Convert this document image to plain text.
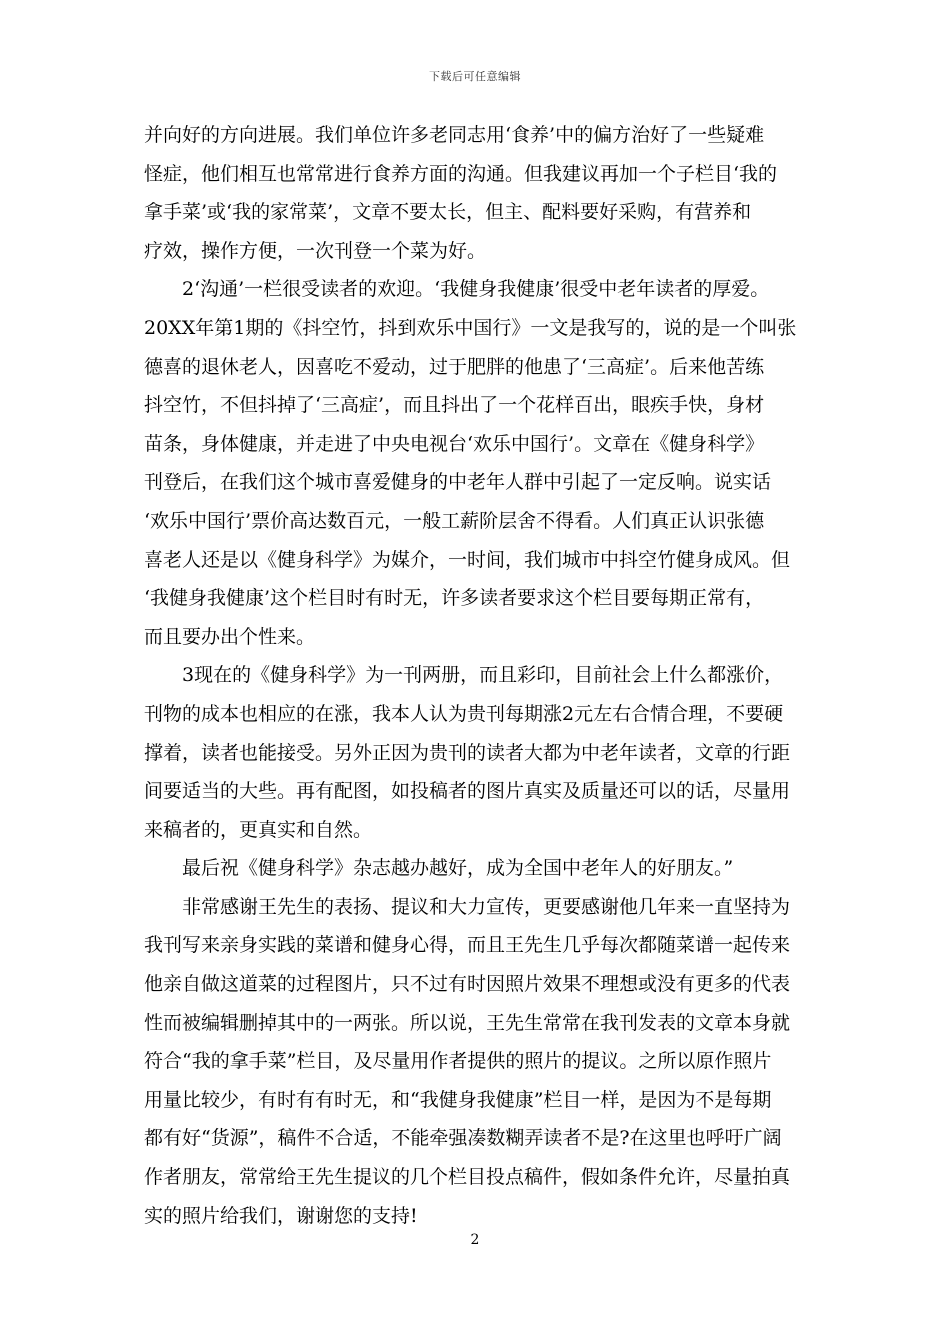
下载后可任意编辑
并向好的方向进展。我们单位许多老同志用‘食养’中的偏方治好了一些疑难
怪症，他们相互也常常进行食养方面的沟通。但我建议再加一个子栏目‘我的
拿手菜’或‘我的家常菜’，文章不要太长，但主、配料要好采购，有营养和
疗效，操作方便，一次刊登一个菜为好。
2‘沟通’一栏很受读者的欢迎。‘我健身我健康’很受中老年读者的厚爱。
20XX年第1期的《抖空竹，抖到欢乐中国行》一文是我写的，说的是一个叫张
德喜的退休老人，因喜吃不爱动，过于肥胖的他患了‘三高症’。后来他苦练
抖空竹，不但抖掉了‘三高症’，而且抖出了一个花样百出，眼疾手快，身材
苗条，身体健康，并走进了中央电视台‘欢乐中国行’。文章在《健身科学》
刊登后，在我们这个城市喜爱健身的中老年人群中引起了一定反响。说实话
‘欢乐中国行’票价高达数百元，一般工薪阶层舍不得看。人们真正认识张德
喜老人还是以《健身科学》为媒介，一时间，我们城市中抖空竹健身成风。但
‘我健身我健康’这个栏目时有时无，许多读者要求这个栏目要每期正常有，
而且要办出个性来。
3现在的《健身科学》为一刊两册，而且彩印，目前社会上什么都涨价，
刊物的成本也相应的在涨，我本人认为贵刊每期涨2元左右合情合理，不要硬
撑着，读者也能接受。另外正因为贵刊的读者大都为中老年读者，文章的行距
间要适当的大些。再有配图，如投稿者的图片真实及质量还可以的话，尽量用
来稿者的，更真实和自然。
最后祝《健身科学》杂志越办越好，成为全国中老年人的好朋友。”
非常感谢王先生的表扬、提议和大力宣传，更要感谢他几年来一直坚持为
我刊写来亲身实践的菜谱和健身心得，而且王先生几乎每次都随菜谱一起传来
他亲自做这道菜的过程图片，只不过有时因照片效果不理想或没有更多的代表
性而被编辑删掉其中的一两张。所以说，王先生常常在我刊发表的文章本身就
符合“我的拿手菜”栏目，及尽量用作者提供的照片的提议。之所以原作照片
用量比较少，有时有有时无，和“我健身我健康”栏目一样，是因为不是每期
都有好“货源”，稿件不合适，不能牵强凑数糊弄读者不是?在这里也呼吁广阔
作者朋友，常常给王先生提议的几个栏目投点稿件，假如条件允许，尽量拍真
实的照片给我们，谢谢您的支持!
2
